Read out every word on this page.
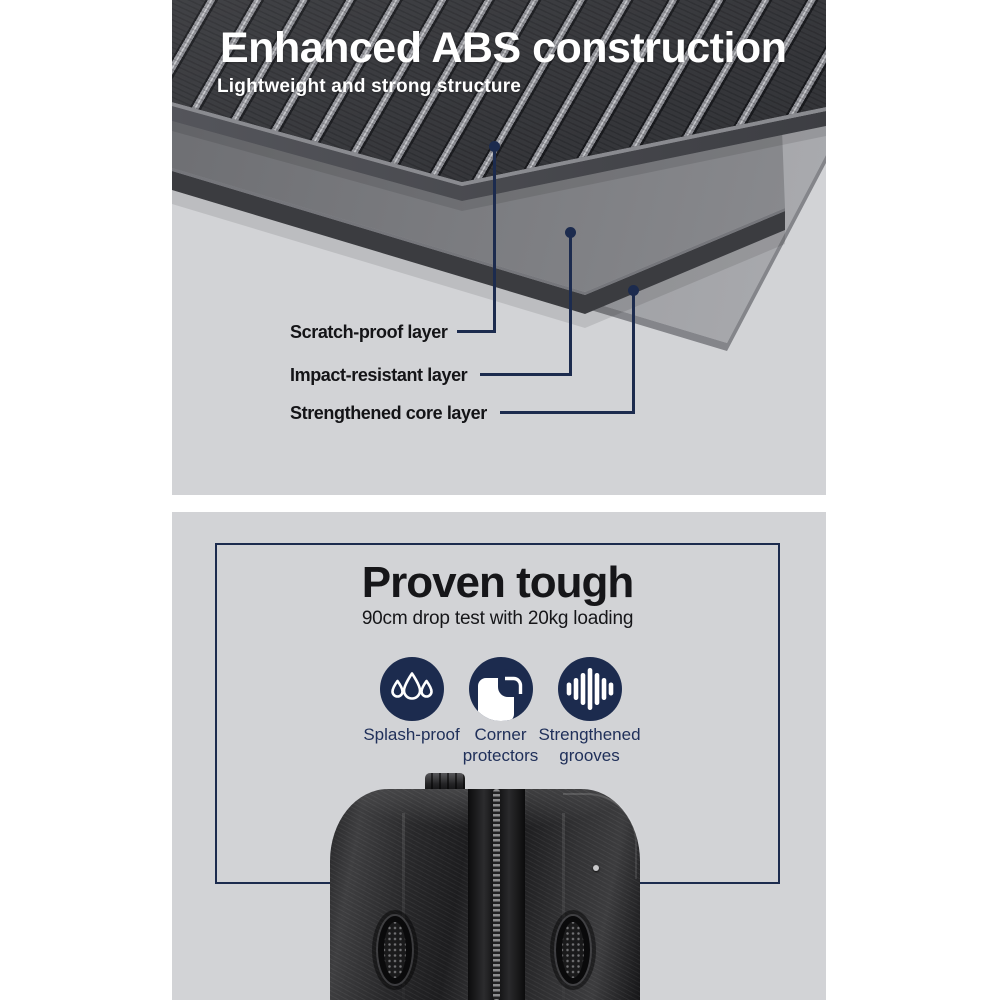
Enhanced ABS construction

Lightweight and strong structure

Scratch-proof layer
Impact-resistant layer
Strengthened core layer
Proven tough

90cm drop test with 20kg loading

Splash-proof Corner
protectors
Strengthened
grooves
